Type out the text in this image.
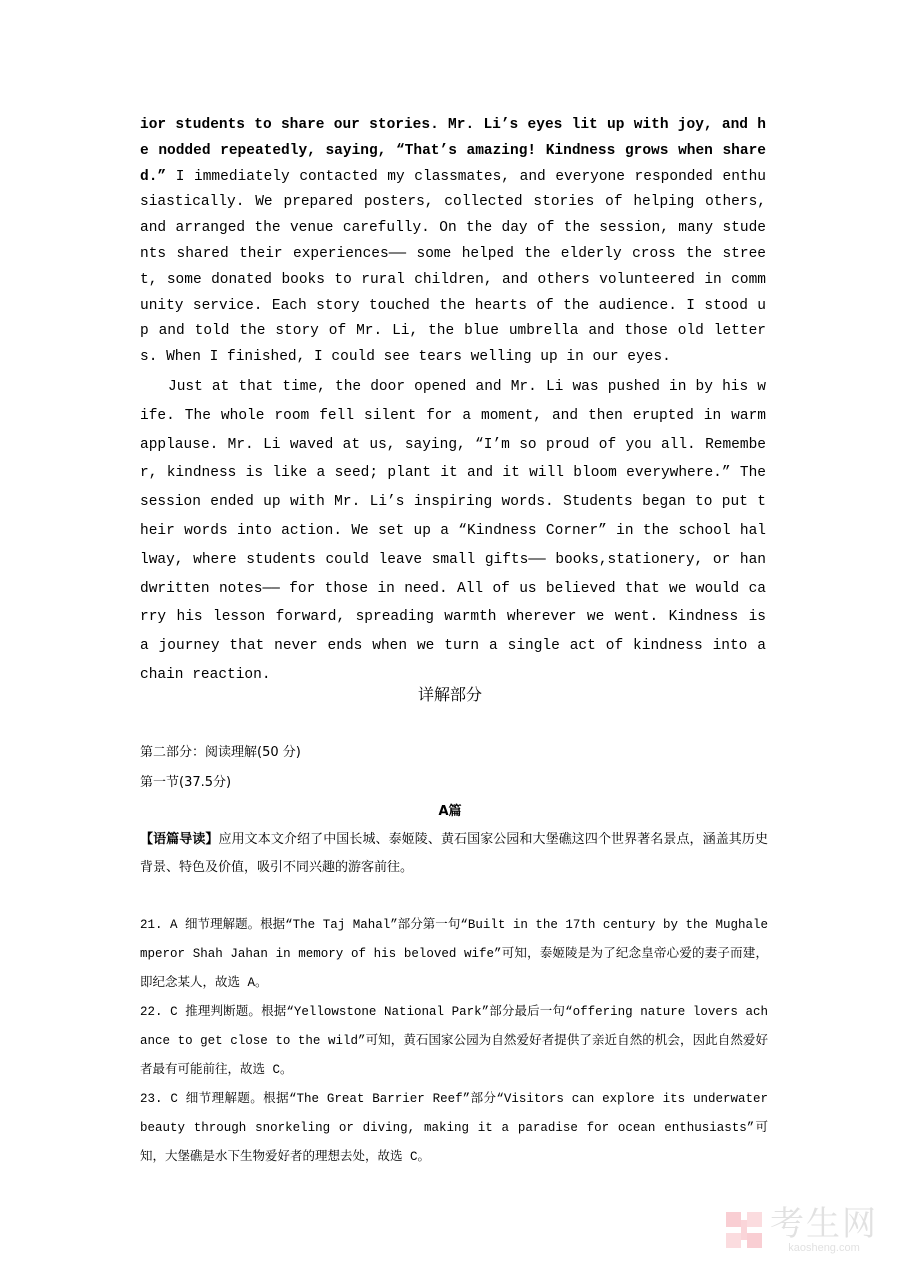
ior students to share our stories. Mr. Li’s eyes lit up with joy, and he nodded repeatedly, saying, “That’s amazing! Kindness grows when shared.” I immediately contacted my classmates, and everyone responded enthusiastically. We prepared posters, collected stories of helping others, and arranged the venue carefully. On the day of the session, many students shared their experiences—— some helped the elderly cross the street, some donated books to rural children, and others volunteered in community service. Each story touched the hearts of the audience. I stood up and told the story of Mr. Li, the blue umbrella and those old letters. When I finished, I could see tears welling up in our eyes.

Just at that time, the door opened and Mr. Li was pushed in by his wife. The whole room fell silent for a moment, and then erupted in warm applause. Mr. Li waved at us, saying, “I’m so proud of you all. Remember, kindness is like a seed; plant it and it will bloom everywhere.” The session ended up with Mr. Li’s inspiring words. Students began to put their words into action. We set up a “Kindness Corner” in the school hallway, where students could leave small gifts—— books,stationery, or handwritten notes—— for those in need. All of us believed that we would carry his lesson forward, spreading warmth wherever we went. Kindness is a journey that never ends when we turn a single act of kindness into a chain reaction.

详解部分
第二部分：阅读理解(50 分)
第一节(37.5分)
A篇
【语篇导读】应用文本文介绍了中国长城、泰姬陵、黄石国家公园和大堡礁这四个世界著名景点，涵盖其历史背景、特色及价值，吸引不同兴趣的游客前往。

21. A 细节理解题。根据“The Taj Mahal”部分第一句“Built in the 17th century by the Mughalemperor Shah Jahan in memory of his beloved wife”可知，泰姬陵是为了纪念皇帝心爱的妻子而建，即纪念某人，故选 A。

22. C 推理判断题。根据“Yellowstone National Park”部分最后一句“offering nature lovers achance to get close to the wild”可知，黄石国家公园为自然爱好者提供了亲近自然的机会，因此自然爱好者最有可能前往，故选 C。

23. C 细节理解题。根据“The Great Barrier Reef”部分“Visitors can explore its underwater beauty through snorkeling or diving, making it a paradise for ocean enthusiasts”可知，大堡礁是水下生物爱好者的理想去处，故选 C。

考生网
kaosheng.com
